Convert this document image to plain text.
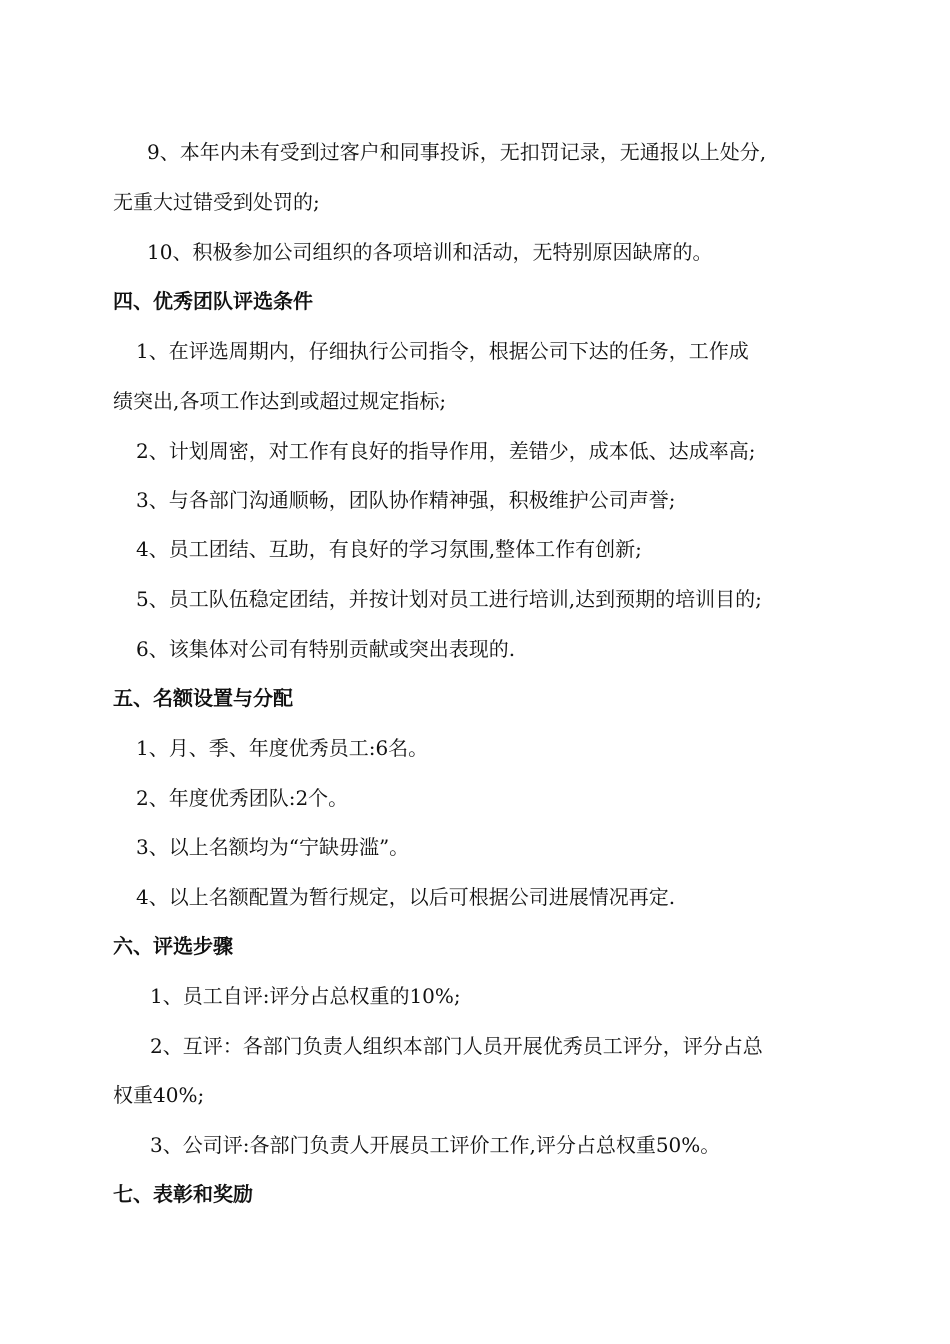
9、本年内未有受到过客户和同事投诉，无扣罚记录，无通报以上处分,
无重大过错受到处罚的;
10、积极参加公司组织的各项培训和活动，无特别原因缺席的。
四、优秀团队评选条件
1、在评选周期内，仔细执行公司指令，根据公司下达的任务，工作成
绩突出,各项工作达到或超过规定指标;
2、计划周密，对工作有良好的指导作用，差错少，成本低、达成率高;
3、与各部门沟通顺畅，团队协作精神强，积极维护公司声誉;
4、员工团结、互助，有良好的学习氛围,整体工作有创新;
5、员工队伍稳定团结，并按计划对员工进行培训,达到预期的培训目的;
6、该集体对公司有特别贡献或突出表现的.
五、名额设置与分配
1、月、季、年度优秀员工:6名。
2、年度优秀团队:2个。
3、以上名额均为“宁缺毋滥”。
4、以上名额配置为暂行规定，以后可根据公司进展情况再定.
六、评选步骤
1、员工自评:评分占总权重的10%;
2、互评：各部门负责人组织本部门人员开展优秀员工评分，评分占总
权重40%;
3、公司评:各部门负责人开展员工评价工作,评分占总权重50%。
七、表彰和奖励
